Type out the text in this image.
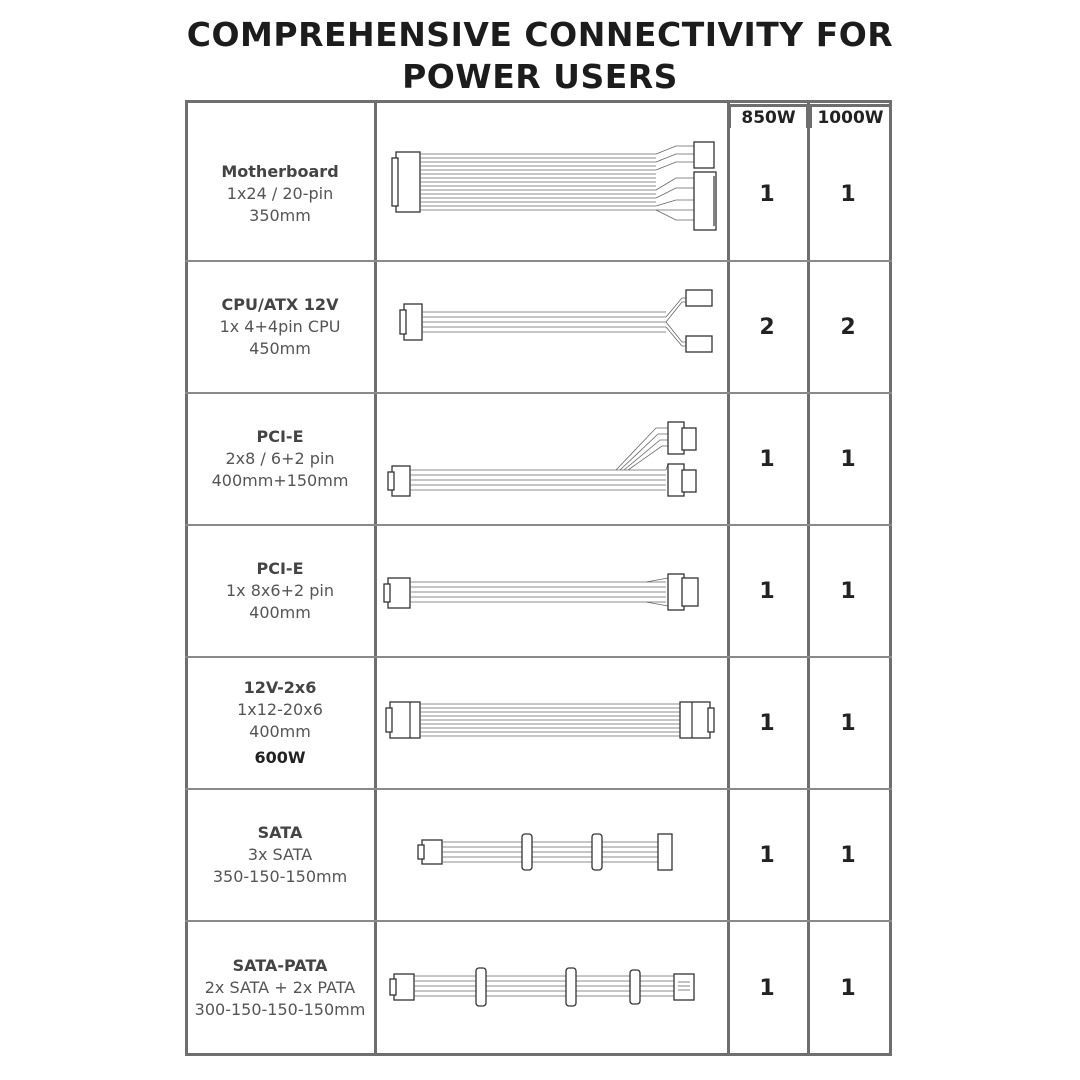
COMPREHENSIVE CONNECTIVITY FOR
POWER USERS
850W	1000W
Motherboard
1x24 / 20-pin
350mm
1	1
CPU/ATX 12V
1x 4+4pin CPU
450mm
2	2
PCI-E
2x8 / 6+2 pin
400mm+150mm
1	1
PCI-E
1x 8x6+2 pin
400mm
1	1
12V-2x6
1x12-20x6
400mm
600W
1	1
SATA
3x SATA
350-150-150mm
1	1
SATA-PATA
2x SATA + 2x PATA
300-150-150-150mm
1	1
